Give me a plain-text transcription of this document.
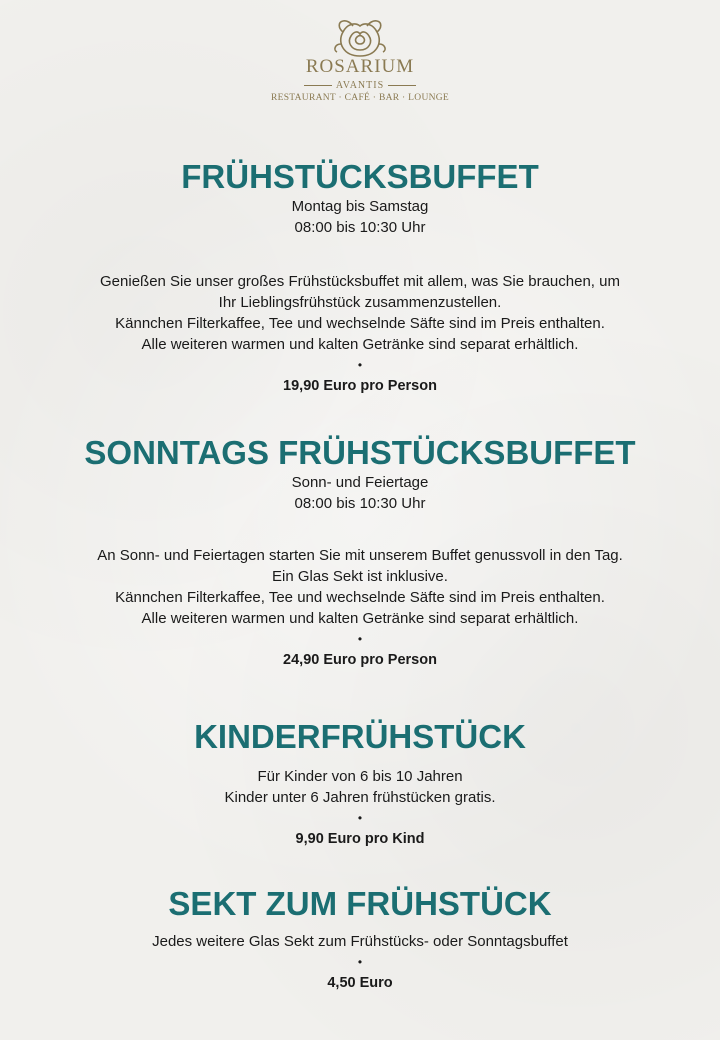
ROSARIUM
AVANTIS
RESTAURANT · CAFÉ · BAR · LOUNGE
FRÜHSTÜCKSBUFFET

Montag bis Samstag

08:00 bis 10:30 Uhr

Genießen Sie unser großes Frühstücksbuffet mit allem, was Sie brauchen, um

Ihr Lieblingsfrühstück zusammenzustellen.

Kännchen Filterkaffee, Tee und wechselnde Säfte sind im Preis enthalten.

Alle weiteren warmen und kalten Getränke sind separat erhältlich.

•
19,90 Euro pro Person
SONNTAGS FRÜHSTÜCKSBUFFET

Sonn- und Feiertage

08:00 bis 10:30 Uhr

An Sonn- und Feiertagen starten Sie mit unserem Buffet genussvoll in den Tag.

Ein Glas Sekt ist inklusive.

Kännchen Filterkaffee, Tee und wechselnde Säfte sind im Preis enthalten.

Alle weiteren warmen und kalten Getränke sind separat erhältlich.

•
24,90 Euro pro Person
KINDERFRÜHSTÜCK

Für Kinder von 6 bis 10 Jahren

Kinder unter 6 Jahren frühstücken gratis.

•
9,90 Euro pro Kind
SEKT ZUM FRÜHSTÜCK

Jedes weitere Glas Sekt zum Frühstücks- oder Sonntagsbuffet

•
4,50 Euro
